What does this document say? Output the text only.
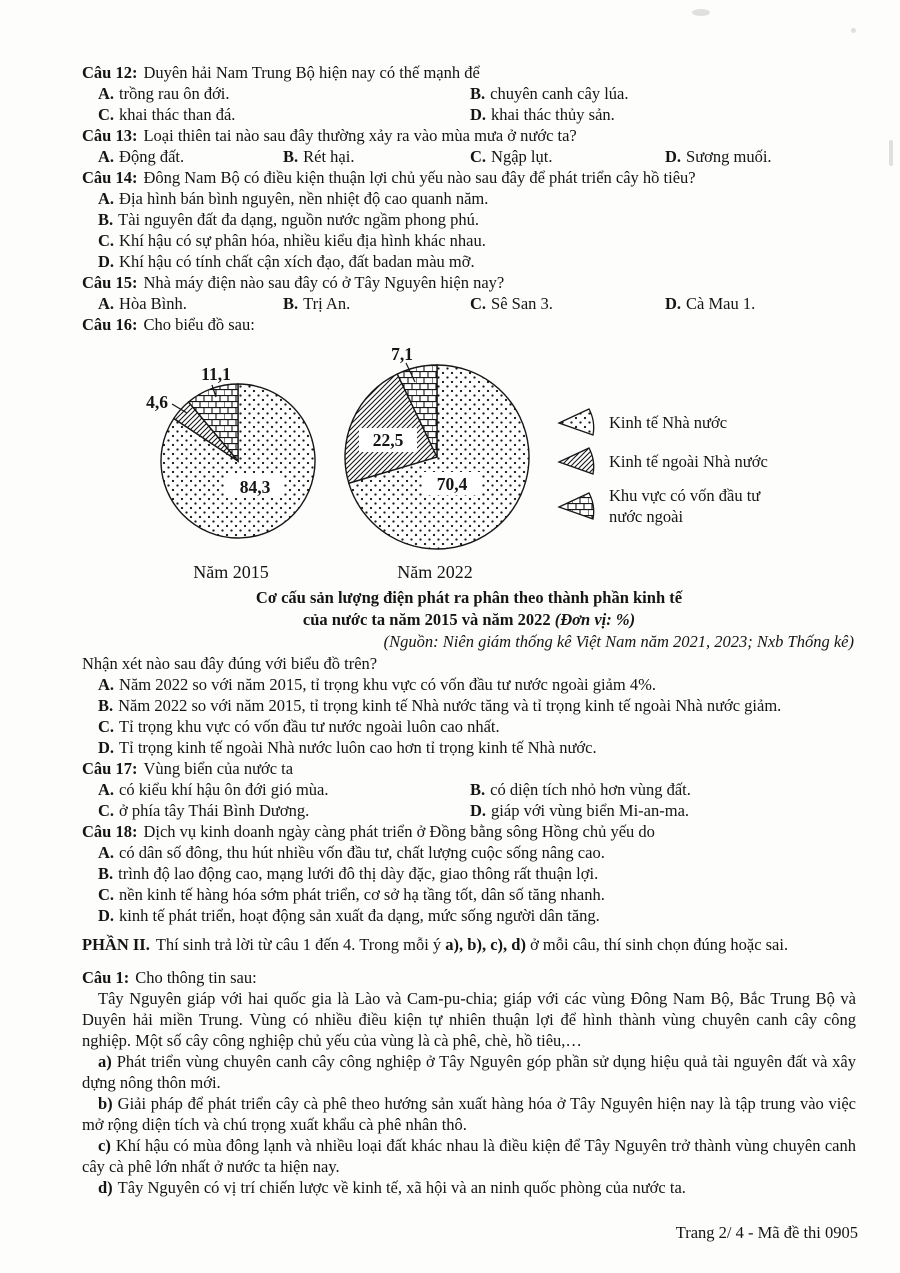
Câu 12: Duyên hải Nam Trung Bộ hiện nay có thế mạnh để
A. trồng rau ôn đới.	B. chuyên canh cây lúa.
C. khai thác than đá.	D. khai thác thủy sản.
Câu 13: Loại thiên tai nào sau đây thường xảy ra vào mùa mưa ở nước ta?
A. Động đất.	B. Rét hại.	C. Ngập lụt.	D. Sương muối.
Câu 14: Đông Nam Bộ có điều kiện thuận lợi chủ yếu nào sau đây để phát triển cây hồ tiêu?
A. Địa hình bán bình nguyên, nền nhiệt độ cao quanh năm.
B. Tài nguyên đất đa dạng, nguồn nước ngầm phong phú.
C. Khí hậu có sự phân hóa, nhiều kiểu địa hình khác nhau.
D. Khí hậu có tính chất cận xích đạo, đất badan màu mỡ.
Câu 15: Nhà máy điện nào sau đây có ở Tây Nguyên hiện nay?
A. Hòa Bình.	B. Trị An.	C. Sê San 3.	D. Cà Mau 1.
Câu 16: Cho biểu đồ sau:
11,1
4,6
84,3
Năm 2015
7,1
22,5
70,4
Năm 2022
Kinh tế Nhà nước
Kinh tế ngoài Nhà nước
Khu vực có vốn đầu tư nước ngoài
Cơ cấu sản lượng điện phát ra phân theo thành phần kinh tế
của nước ta năm 2015 và năm 2022 (Đơn vị: %)
(Nguồn: Niên giám thống kê Việt Nam năm 2021, 2023; Nxb Thống kê)
Nhận xét nào sau đây đúng với biểu đồ trên?
A. Năm 2022 so với năm 2015, tỉ trọng khu vực có vốn đầu tư nước ngoài giảm 4%.
B. Năm 2022 so với năm 2015, tỉ trọng kinh tế Nhà nước tăng và tỉ trọng kinh tế ngoài Nhà nước giảm.
C. Tỉ trọng khu vực có vốn đầu tư nước ngoài luôn cao nhất.
D. Tỉ trọng kinh tế ngoài Nhà nước luôn cao hơn tỉ trọng kinh tế Nhà nước.
Câu 17: Vùng biển của nước ta
A. có kiểu khí hậu ôn đới gió mùa.	B. có diện tích nhỏ hơn vùng đất.
C. ở phía tây Thái Bình Dương.	D. giáp với vùng biển Mi-an-ma.
Câu 18: Dịch vụ kinh doanh ngày càng phát triển ở Đồng bằng sông Hồng chủ yếu do
A. có dân số đông, thu hút nhiều vốn đầu tư, chất lượng cuộc sống nâng cao.
B. trình độ lao động cao, mạng lưới đô thị dày đặc, giao thông rất thuận lợi.
C. nền kinh tế hàng hóa sớm phát triển, cơ sở hạ tầng tốt, dân số tăng nhanh.
D. kinh tế phát triển, hoạt động sản xuất đa dạng, mức sống người dân tăng.
PHẦN II. Thí sinh trả lời từ câu 1 đến 4. Trong mỗi ý a), b), c), d) ở mỗi câu, thí sinh chọn đúng hoặc sai.
Câu 1: Cho thông tin sau:
Tây Nguyên giáp với hai quốc gia là Lào và Cam-pu-chia; giáp với các vùng Đông Nam Bộ, Bắc Trung Bộ và Duyên hải miền Trung. Vùng có nhiều điều kiện tự nhiên thuận lợi để hình thành vùng chuyên canh cây công nghiệp. Một số cây công nghiệp chủ yếu của vùng là cà phê, chè, hồ tiêu,…
a) Phát triển vùng chuyên canh cây công nghiệp ở Tây Nguyên góp phần sử dụng hiệu quả tài nguyên đất và xây dựng nông thôn mới.
b) Giải pháp để phát triển cây cà phê theo hướng sản xuất hàng hóa ở Tây Nguyên hiện nay là tập trung vào việc mở rộng diện tích và chú trọng xuất khẩu cà phê nhân thô.
c) Khí hậu có mùa đông lạnh và nhiều loại đất khác nhau là điều kiện để Tây Nguyên trở thành vùng chuyên canh cây cà phê lớn nhất ở nước ta hiện nay.
d) Tây Nguyên có vị trí chiến lược về kinh tế, xã hội và an ninh quốc phòng của nước ta.
Trang 2/ 4 - Mã đề thi 0905
